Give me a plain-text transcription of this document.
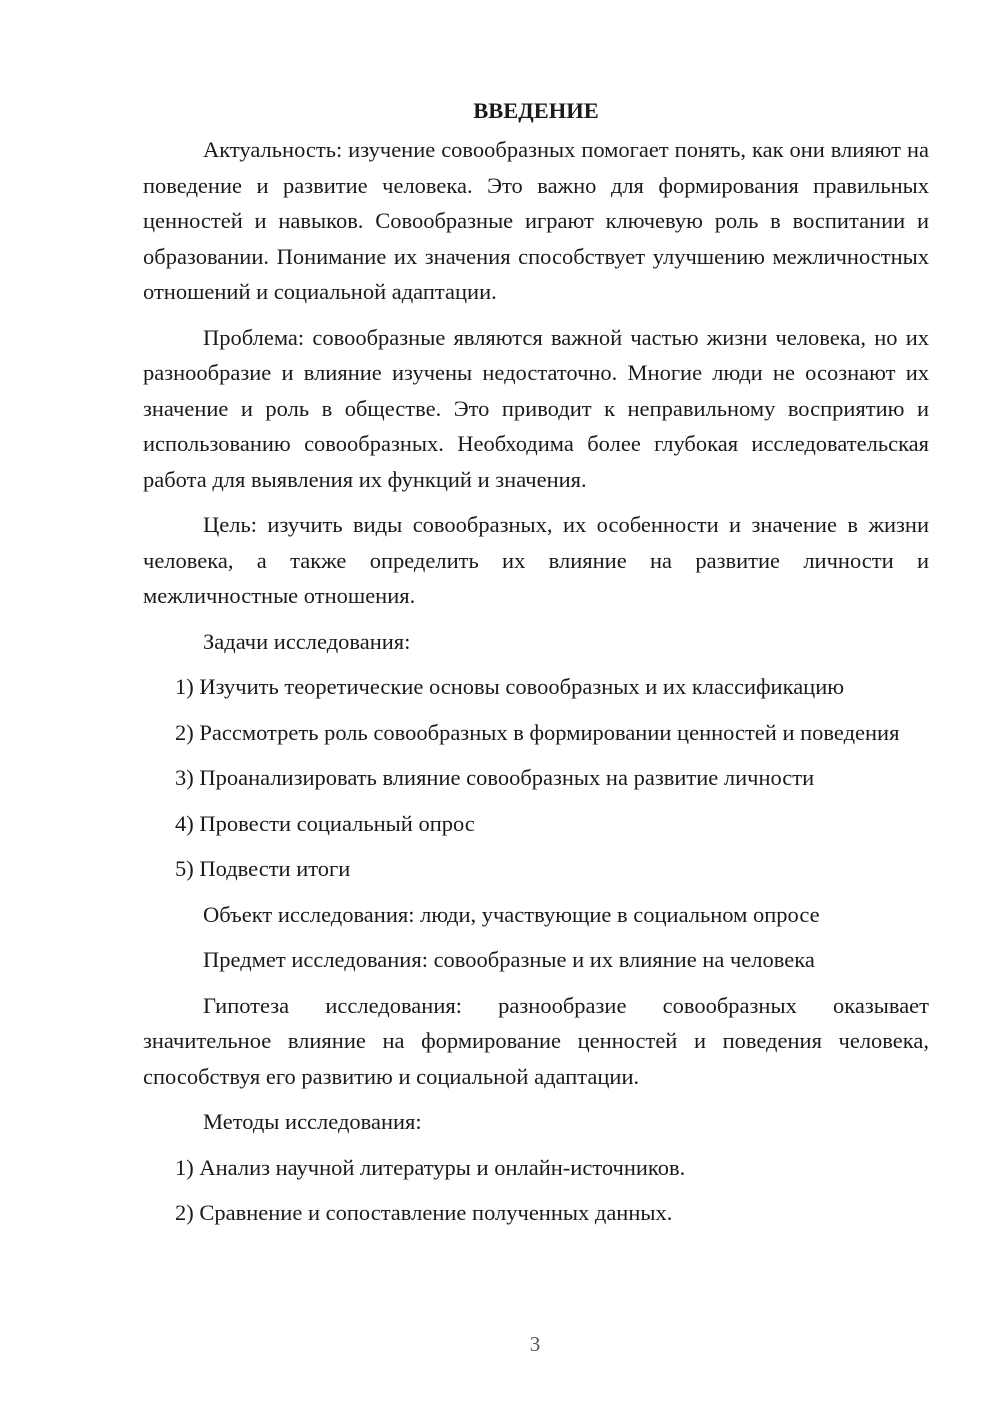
ВВЕДЕНИЕ

Актуальность: изучение совообразных помогает понять, как они влияют на поведение и развитие человека. Это важно для формирования правильных ценностей и навыков. Совообразные играют ключевую роль в воспитании и образовании. Понимание их значения способствует улучшению межличностных отношений и социальной адаптации.

Проблема: совообразные являются важной частью жизни человека, но их разнообразие и влияние изучены недостаточно. Многие люди не осознают их значение и роль в обществе. Это приводит к неправильному восприятию и использованию совообразных. Необходима более глубокая исследовательская работа для выявления их функций и значения.

Цель: изучить виды совообразных, их особенности и значение в жизни человека, а также определить их влияние на развитие личности и межличностные отношения.

Задачи исследования:

1) Изучить теоретические основы совообразных и их классификацию

2) Рассмотреть роль совообразных в формировании ценностей и поведения

3) Проанализировать влияние совообразных на развитие личности

4) Провести социальный опрос

5) Подвести итоги

Объект исследования: люди, участвующие в социальном опросе

Предмет исследования: совообразные и их влияние на человека

Гипотеза исследования: разнообразие совообразных оказывает значительное влияние на формирование ценностей и поведения человека, способствуя его развитию и социальной адаптации.

Методы исследования:

1) Анализ научной литературы и онлайн-источников.

2) Сравнение и сопоставление полученных данных.

3
